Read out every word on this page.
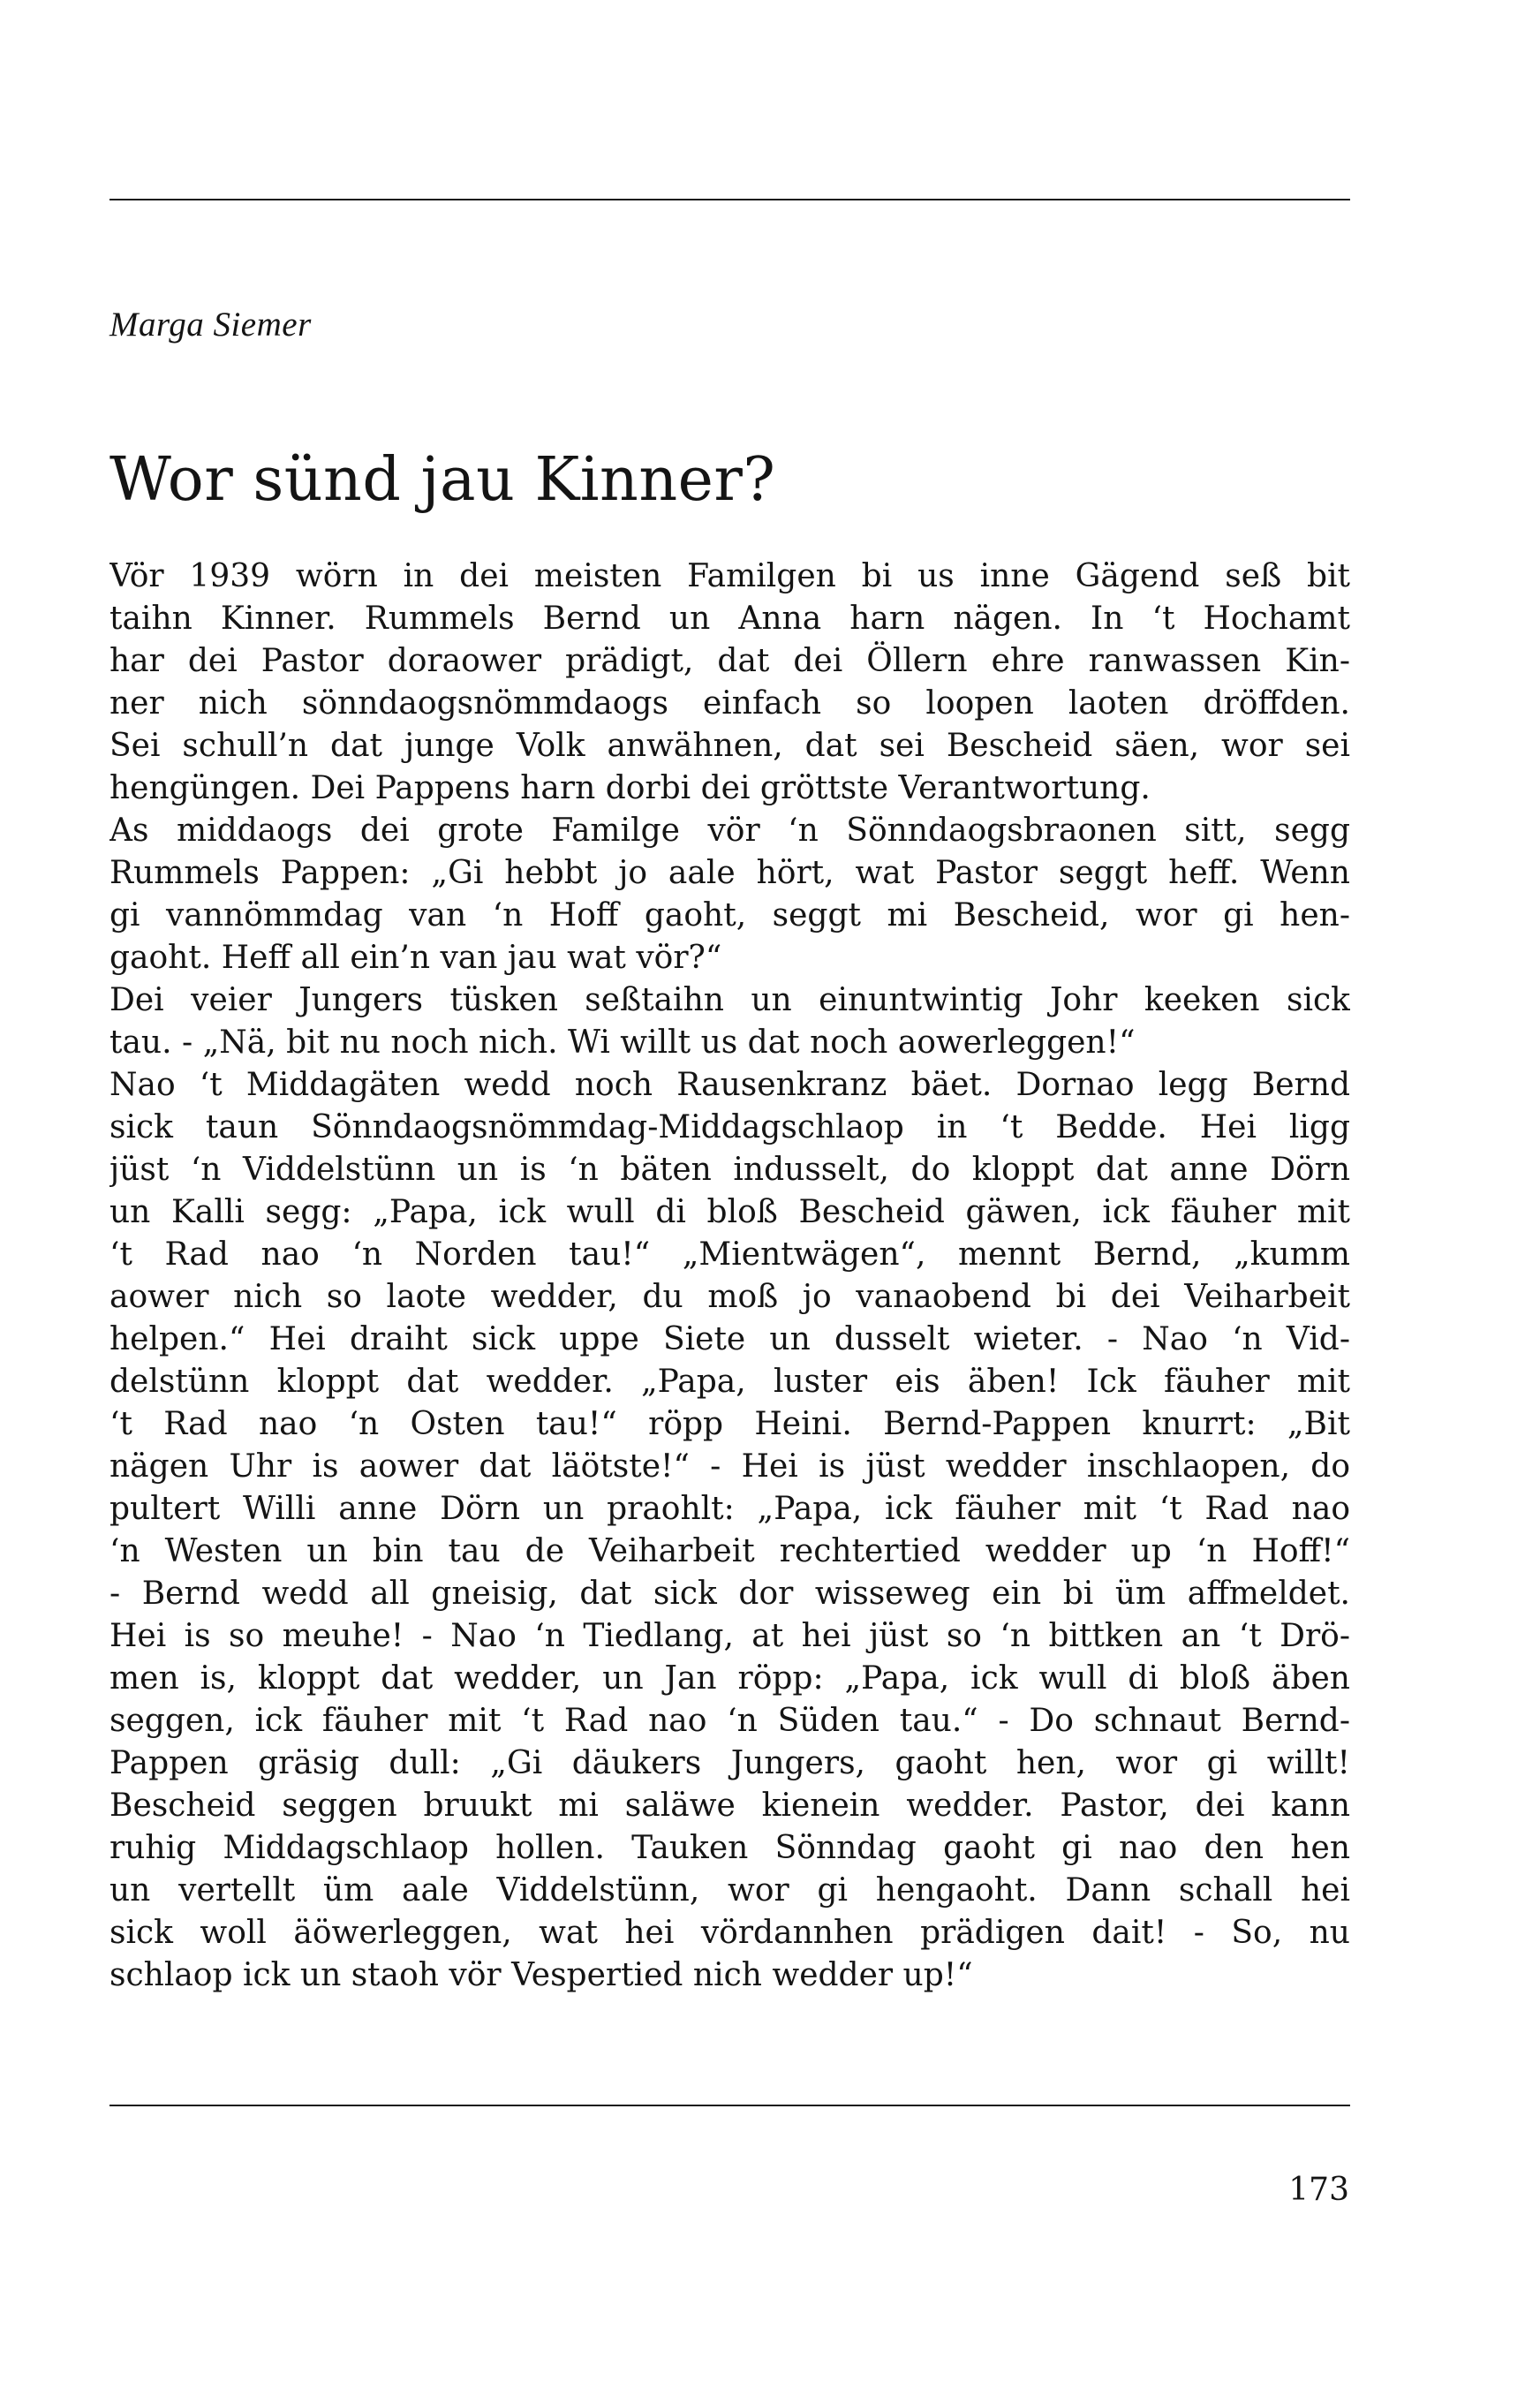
Marga Siemer
Wor sünd jau Kinner?
Vör 1939 wörn in dei meisten Familgen bi us inne Gägend seß bit
taihn Kinner. Rummels Bernd un Anna harn nägen. In ‘t Hochamt
har dei Pastor doraower prädigt, dat dei Öllern ehre ranwassen Kin-
ner nich sönndaogsnömmdaogs einfach so loopen laoten dröffden.
Sei schull’n dat junge Volk anwähnen, dat sei Bescheid säen, wor sei
hengüngen. Dei Pappens harn dorbi dei gröttste Verantwortung.
As middaogs dei grote Familge vör ‘n Sönndaogsbraonen sitt, segg
Rummels Pappen: „Gi hebbt jo aale hört, wat Pastor seggt heff. Wenn
gi vannömmdag van ‘n Hoff gaoht, seggt mi Bescheid, wor gi hen-
gaoht. Heff all ein’n van jau wat vör?“
Dei veier Jungers tüsken seßtaihn un einuntwintig Johr keeken sick
tau. - „Nä, bit nu noch nich. Wi willt us dat noch aowerleggen!“
Nao ‘t Middagäten wedd noch Rausenkranz bäet. Dornao legg Bernd
sick taun Sönndaogsnömmdag-Middagschlaop in ‘t Bedde. Hei ligg
jüst ‘n Viddelstünn un is ‘n bäten indusselt, do kloppt dat anne Dörn
un Kalli segg: „Papa, ick wull di bloß Bescheid gäwen, ick fäuher mit
‘t Rad nao ‘n Norden tau!“ „Mientwägen“, mennt Bernd, „kumm
aower nich so laote wedder, du moß jo vanaobend bi dei Veiharbeit
helpen.“ Hei draiht sick uppe Siete un dusselt wieter. - Nao ‘n Vid-
delstünn kloppt dat wedder. „Papa, luster eis äben! Ick fäuher mit
‘t Rad nao ‘n Osten tau!“ röpp Heini. Bernd-Pappen knurrt: „Bit
nägen Uhr is aower dat läötste!“ - Hei is jüst wedder inschlaopen, do
pultert Willi anne Dörn un praohlt: „Papa, ick fäuher mit ‘t Rad nao
‘n Westen un bin tau de Veiharbeit rechtertied wedder up ‘n Hoff!“
- Bernd wedd all gneisig, dat sick dor wisseweg ein bi üm affmeldet.
Hei is so meuhe! - Nao ‘n Tiedlang, at hei jüst so ‘n bittken an ‘t Drö-
men is, kloppt dat wedder, un Jan röpp: „Papa, ick wull di bloß äben
seggen, ick fäuher mit ‘t Rad nao ‘n Süden tau.“ - Do schnaut Bernd-
Pappen gräsig dull: „Gi däukers Jungers, gaoht hen, wor gi willt!
Bescheid seggen bruukt mi saläwe kienein wedder. Pastor, dei kann
ruhig Middagschlaop hollen. Tauken Sönndag gaoht gi nao den hen
un vertellt üm aale Viddelstünn, wor gi hengaoht. Dann schall hei
sick woll äöwerleggen, wat hei vördannhen prädigen dait! - So, nu
schlaop ick un staoh vör Vespertied nich wedder up!“
173
